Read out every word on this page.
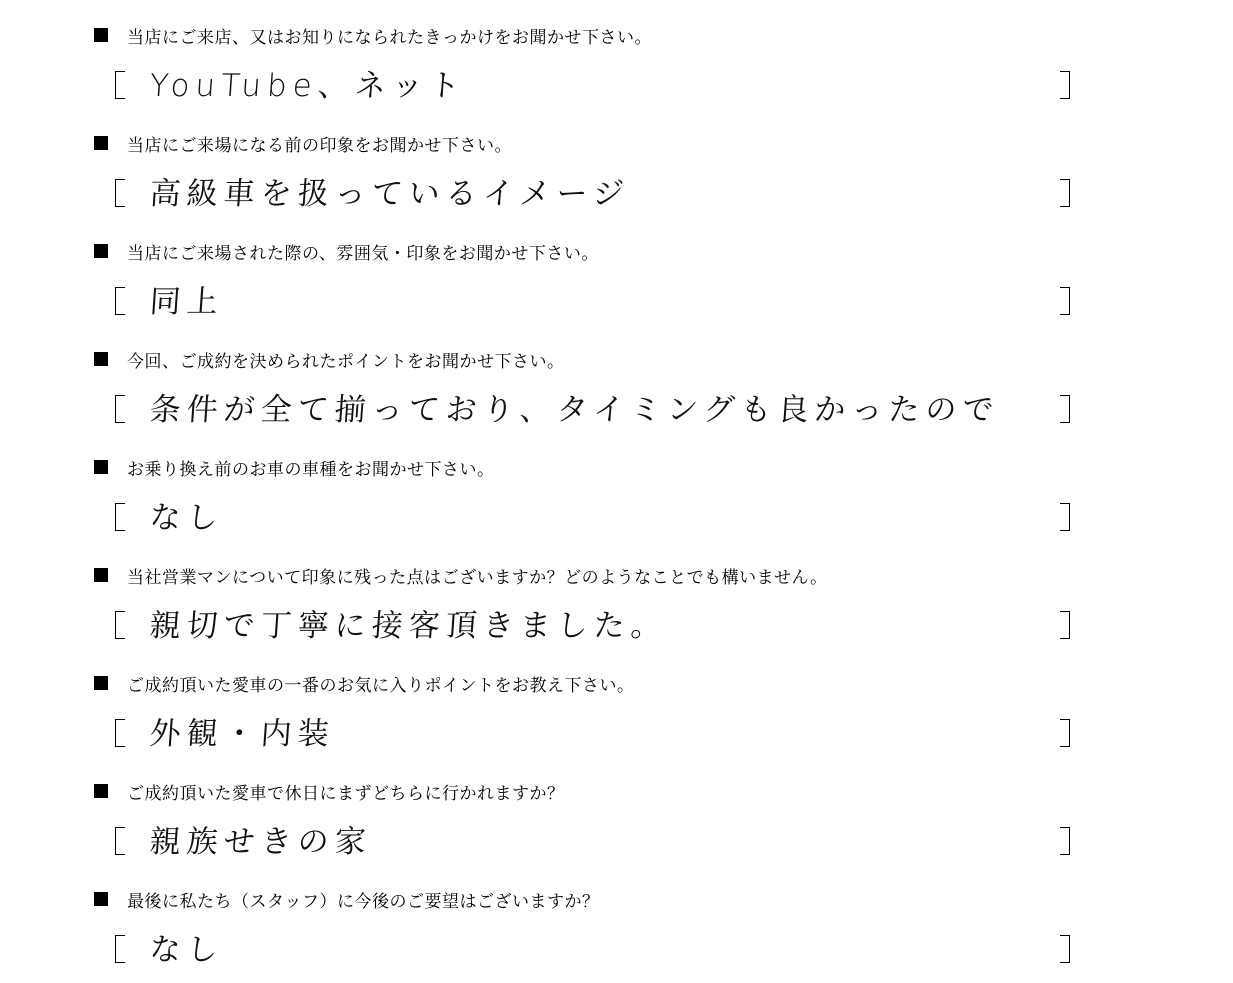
当店にご来店、又はお知りになられたきっかけをお聞かせ下さい。
YouTube、ネット
当店にご来場になる前の印象をお聞かせ下さい。
高級車を扱っているイメージ
当店にご来場された際の、雰囲気・印象をお聞かせ下さい。
同上
今回、ご成約を決められたポイントをお聞かせ下さい。
条件が全て揃っており、タイミングも良かったので
お乗り換え前のお車の車種をお聞かせ下さい。
なし
当社営業マンについて印象に残った点はございますか？どのようなことでも構いません。
親切で丁寧に接客頂きました。
ご成約頂いた愛車の一番のお気に入りポイントをお教え下さい。
外観・内装
ご成約頂いた愛車で休日にまずどちらに行かれますか？
親族せきの家
最後に私たち（スタッフ）に今後のご要望はございますか？
なし
